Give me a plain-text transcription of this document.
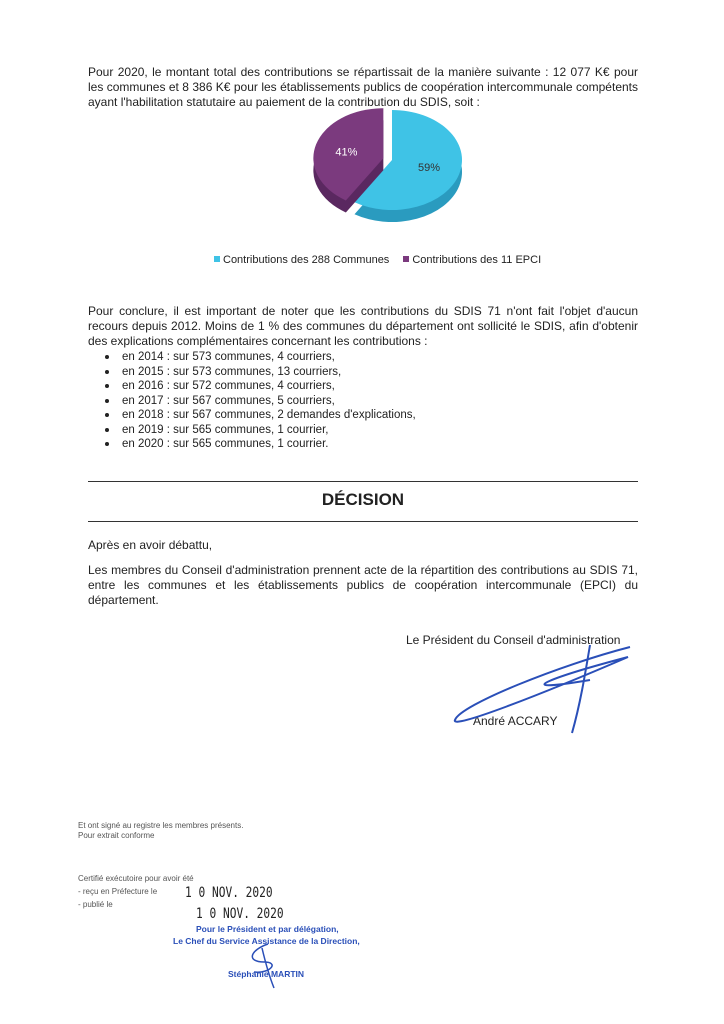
Pour 2020, le montant total des contributions se répartissait de la manière suivante : 12 077 K€ pour les communes et 8 386 K€ pour les établissements publics de coopération intercommunale compétents ayant l'habilitation statutaire au paiement de la contribution du SDIS, soit :
59%
41%
Contributions des 288 Communes	Contributions des 11 EPCI
Pour conclure, il est important de noter que les contributions du SDIS 71 n'ont fait l'objet d'aucun recours depuis 2012. Moins de 1 % des communes du département ont sollicité le SDIS, afin d'obtenir des explications complémentaires concernant les contributions :
en 2014 : sur 573 communes, 4 courriers,
en 2015 : sur 573 communes, 13 courriers,
en 2016 : sur 572 communes, 4 courriers,
en 2017 : sur 567 communes, 5 courriers,
en 2018 : sur 567 communes, 2 demandes d'explications,
en 2019 : sur 565 communes, 1 courrier,
en 2020 : sur 565 communes, 1 courrier.
DÉCISION
Après en avoir débattu,
Les membres du Conseil d'administration prennent acte de la répartition des contributions au SDIS 71, entre les communes et les établissements publics de coopération intercommunale (EPCI) du département.
Le Président du Conseil d'administration
André ACCARY
Et ont signé au registre les membres présents.
Pour extrait conforme
Certifié exécutoire pour avoir été
- reçu en Préfecture le
- publié le
1 0 NOV. 2020
1 0 NOV. 2020
Pour le Président et par délégation,
Le Chef du Service Assistance de la Direction,
Stéphanie MARTIN
